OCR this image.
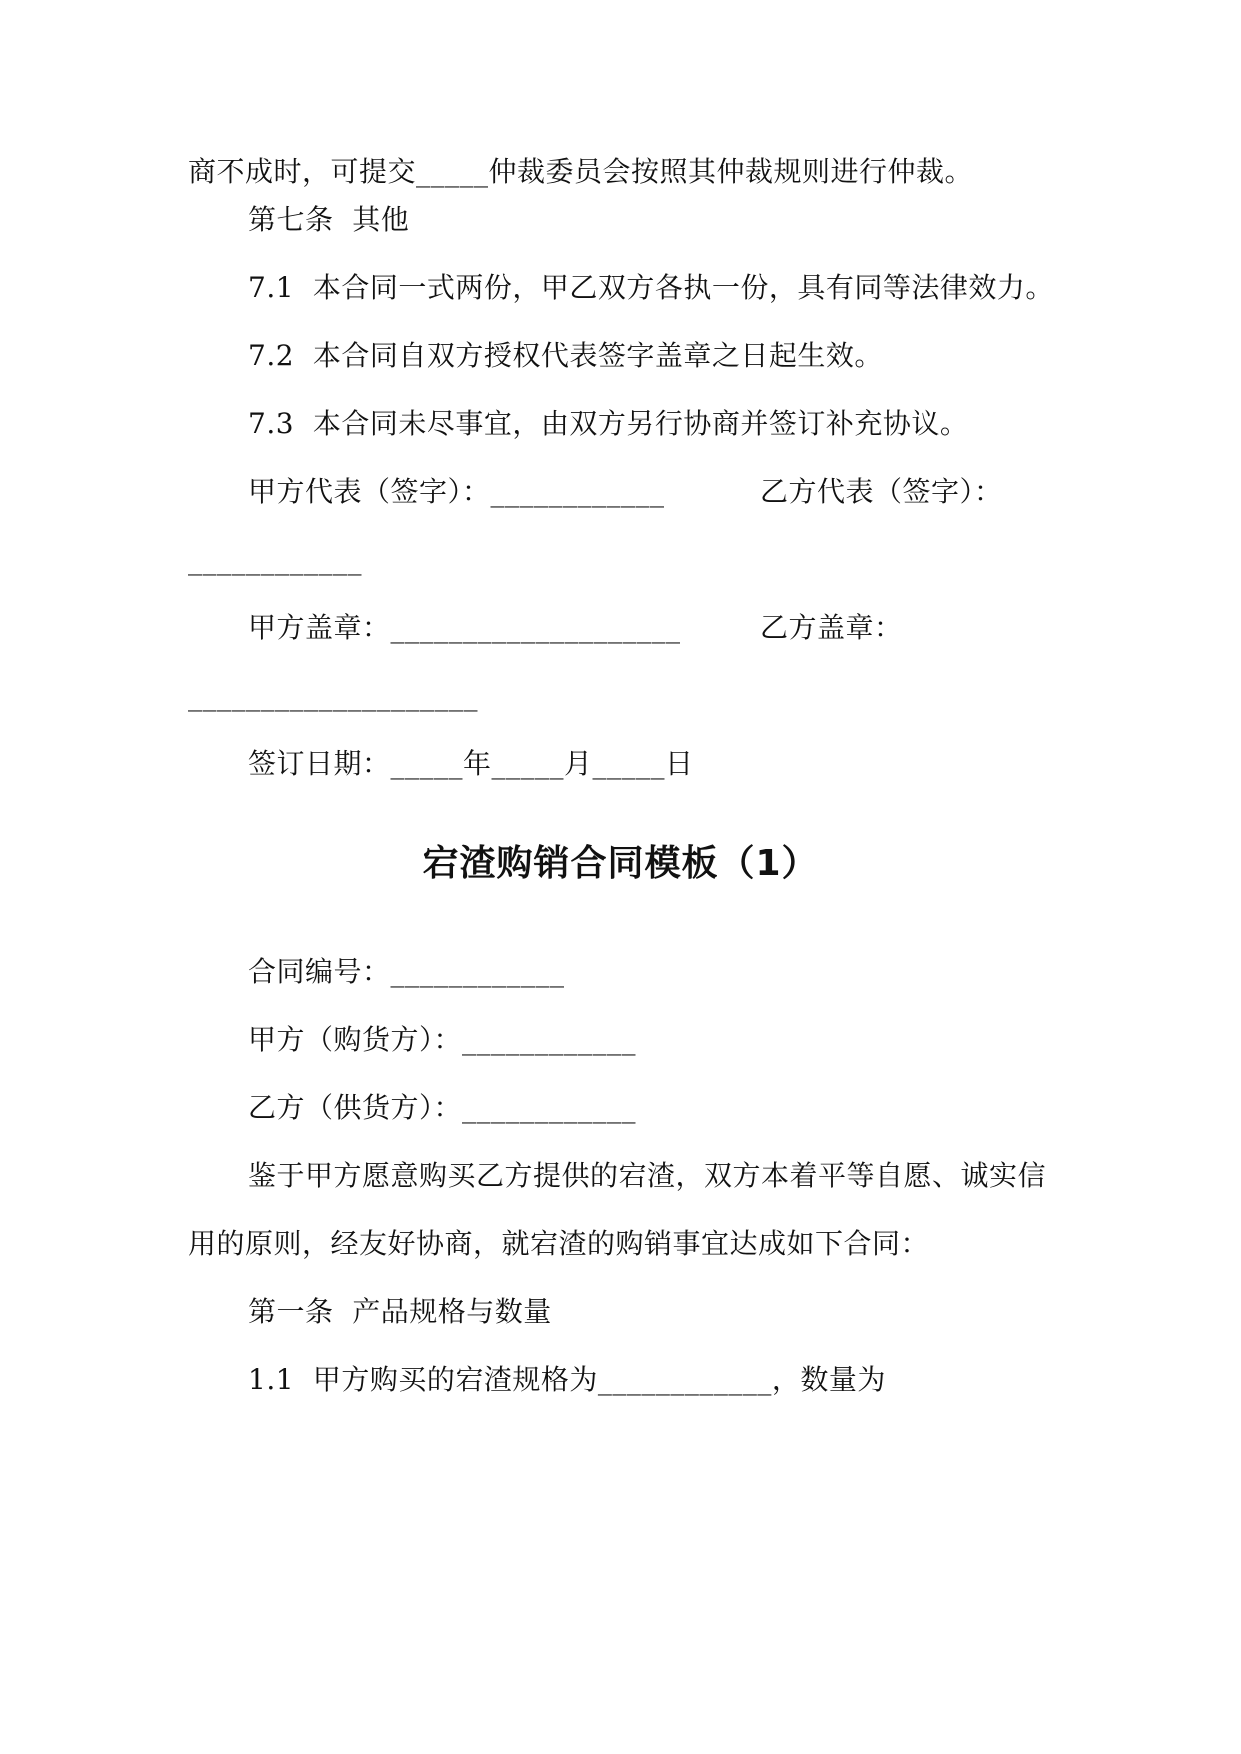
商不成时，可提交_____仲裁委员会按照其仲裁规则进行仲裁。
第七条  其他
7.1  本合同一式两份，甲乙双方各执一份，具有同等法律效力。
7.2  本合同自双方授权代表签字盖章之日起生效。
7.3  本合同未尽事宜，由双方另行协商并签订补充协议。
甲方代表（签字）：____________	乙方代表（签字）：
____________
甲方盖章：____________________	乙方盖章：
____________________
签订日期：_____年_____月_____日
宕渣购销合同模板（1）
合同编号：____________
甲方（购货方）：____________
乙方（供货方）：____________
鉴于甲方愿意购买乙方提供的宕渣，双方本着平等自愿、诚实信
用的原则，经友好协商，就宕渣的购销事宜达成如下合同：
第一条  产品规格与数量
1.1  甲方购买的宕渣规格为____________，数量为
